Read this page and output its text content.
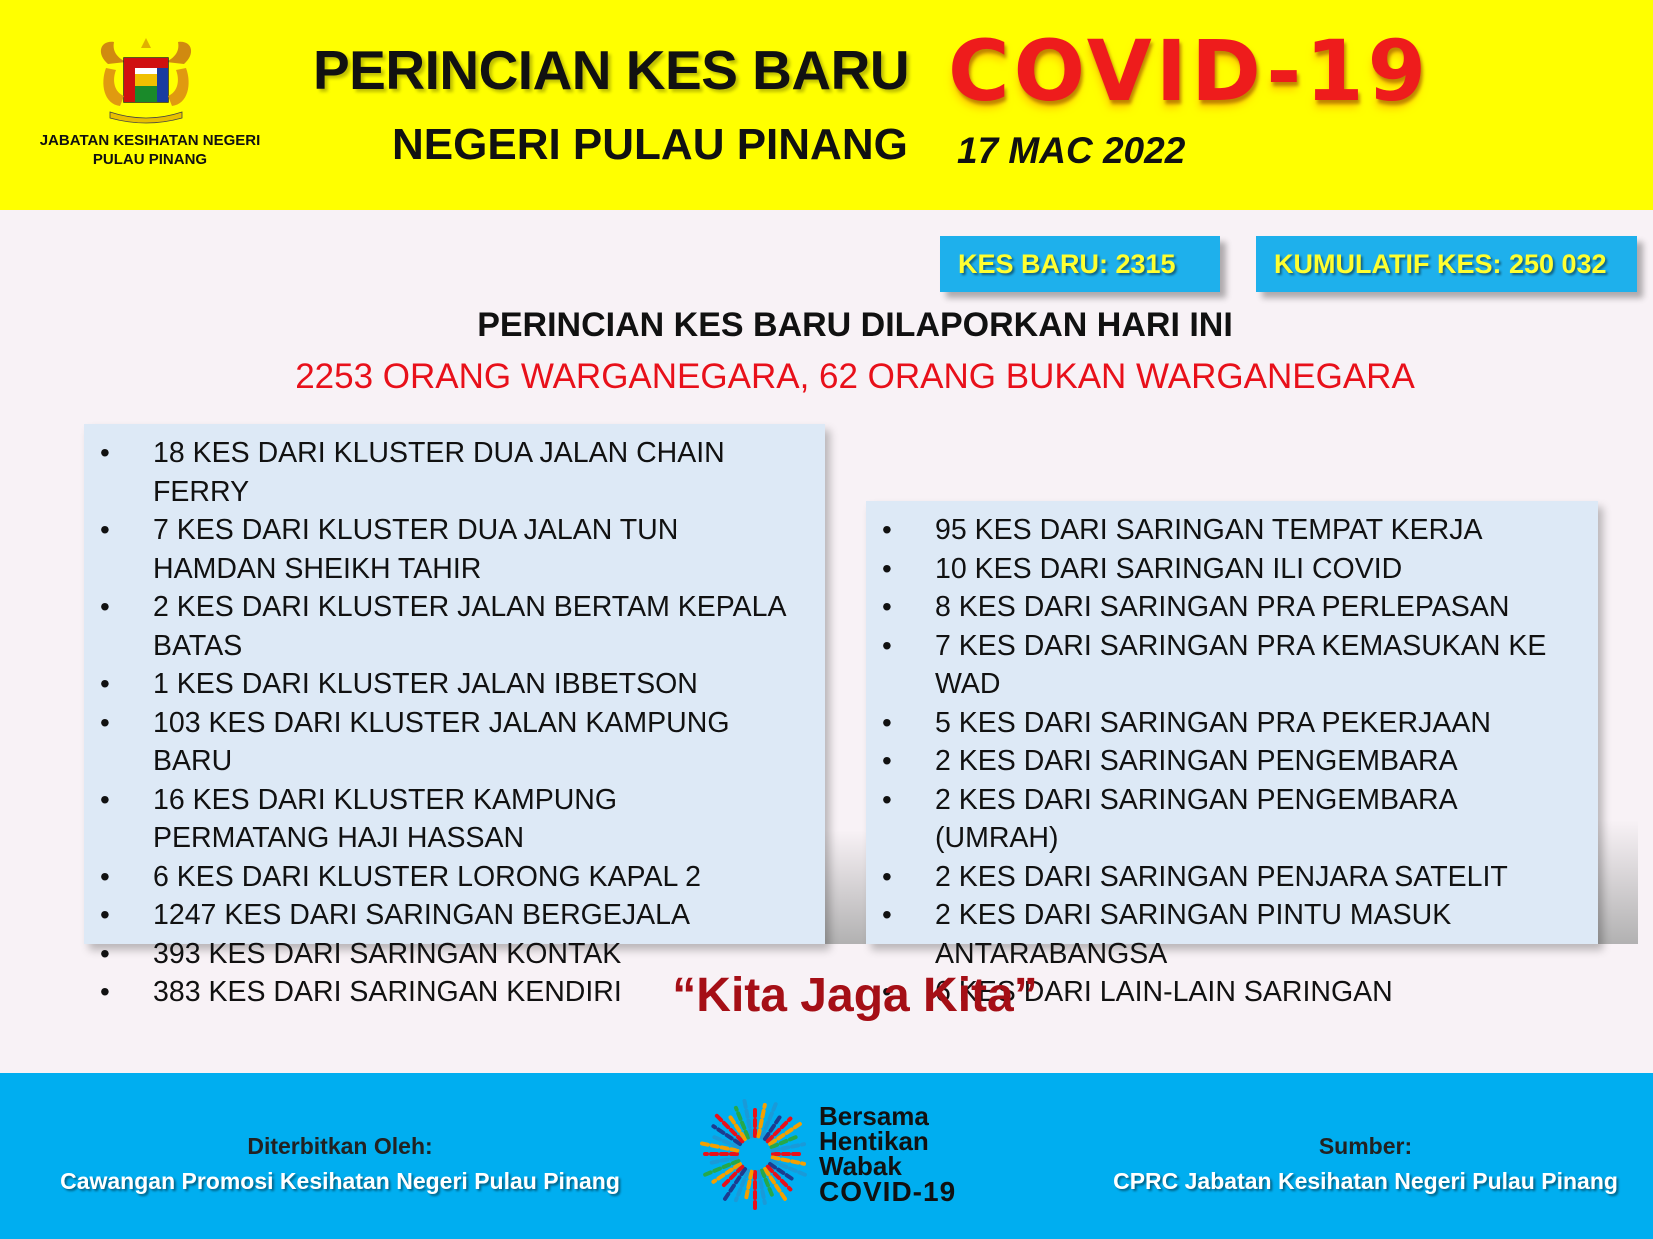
JABATAN KESIHATAN NEGERI PULAU PINANG
PERINCIAN KES BARU COVID-19
NEGERI PULAU PINANG 17 MAC 2022
KES BARU: 2315	KUMULATIF KES: 250 032
PERINCIAN KES BARU DILAPORKAN HARI INI
2253 ORANG WARGANEGARA, 62 ORANG BUKAN WARGANEGARA
• 18 KES DARI KLUSTER DUA JALAN CHAIN FERRY
• 7 KES DARI KLUSTER DUA JALAN TUN HAMDAN SHEIKH TAHIR
• 2 KES DARI KLUSTER JALAN BERTAM KEPALA BATAS
• 1 KES DARI KLUSTER JALAN IBBETSON
• 103 KES DARI KLUSTER JALAN KAMPUNG BARU
• 16 KES DARI KLUSTER KAMPUNG PERMATANG HAJI HASSAN
• 6 KES DARI KLUSTER LORONG KAPAL 2
• 1247 KES DARI SARINGAN BERGEJALA
• 393 KES DARI SARINGAN KONTAK
• 383 KES DARI SARINGAN KENDIRI
• 95 KES DARI SARINGAN TEMPAT KERJA
• 10 KES DARI SARINGAN ILI COVID
• 8 KES DARI SARINGAN PRA PERLEPASAN
• 7 KES DARI SARINGAN PRA KEMASUKAN KE WAD
• 5 KES DARI SARINGAN PRA PEKERJAAN
• 2 KES DARI SARINGAN PENGEMBARA
• 2 KES DARI SARINGAN PENGEMBARA (UMRAH)
• 2 KES DARI SARINGAN PENJARA SATELIT
• 2 KES DARI SARINGAN PINTU MASUK ANTARABANGSA
• 6 KES DARI LAIN-LAIN SARINGAN
“Kita Jaga Kita”
Diterbitkan Oleh:
Cawangan Promosi Kesihatan Negeri Pulau Pinang
Bersama
Hentikan
Wabak
COVID-19
Sumber:
CPRC Jabatan Kesihatan Negeri Pulau Pinang
